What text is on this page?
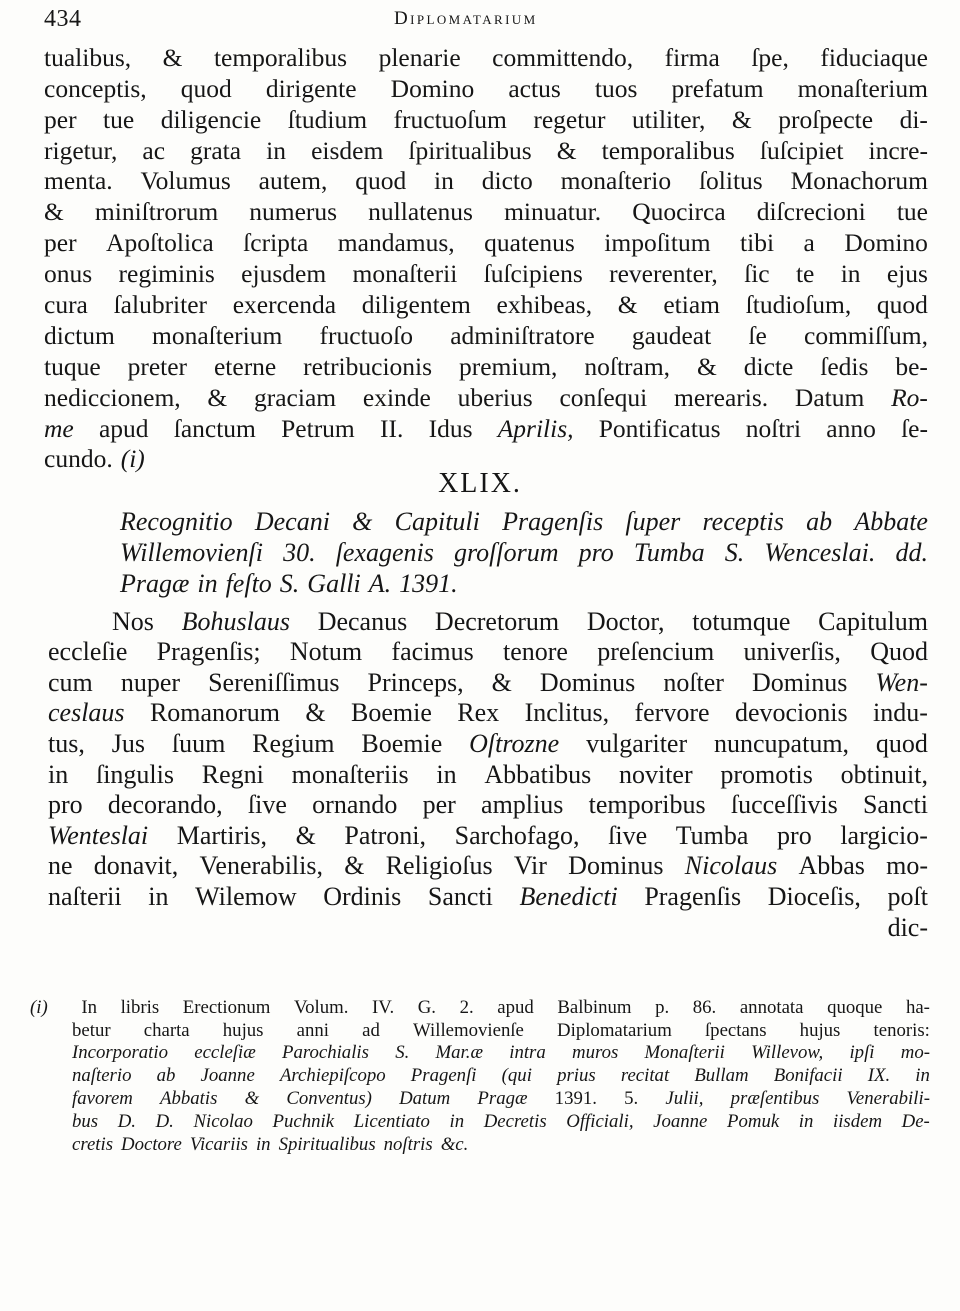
434	Diplomatarium
tualibus, & temporalibus plenarie committendo, firma ſpe, fiduciaque
conceptis, quod dirigente Domino actus tuos prefatum monaſterium
per tue diligencie ſtudium fructuoſum regetur utiliter, & proſpecte di-
rigetur, ac grata in eisdem ſpiritualibus & temporalibus ſuſcipiet incre-
menta. Volumus autem, quod in dicto monaſterio ſolitus Monachorum
& miniſtrorum numerus nullatenus minuatur. Quocirca diſcrecioni tue
per Apoſtolica ſcripta mandamus, quatenus impoſitum tibi a Domino
onus regiminis ejusdem monaſterii ſuſcipiens reverenter, ſic te in ejus
cura ſalubriter exercenda diligentem exhibeas, & etiam ſtudioſum, quod
dictum monaſterium fructuoſo adminiſtratore gaudeat ſe commiſſum,
tuque preter eterne retribucionis premium, noſtram, & dicte ſedis be-
nediccionem, & graciam exinde uberius conſequi merearis. Datum Ro-
me apud ſanctum Petrum II. Idus Aprilis, Pontificatus noſtri anno ſe-
cundo. (i)
XLIX.
Recognitio Decani & Capituli Pragenſis ſuper receptis ab Abbate
Willemovienſi 30. ſexagenis groſſorum pro Tumba S. Wenceslai. dd.
Pragæ in feſto S. Galli A. 1391.
Nos Bohuslaus Decanus Decretorum Doctor, totumque Capitulum
eccleſie Pragenſis; Notum facimus tenore preſencium univerſis, Quod
cum nuper Sereniſſimus Princeps, & Dominus noſter Dominus Wen-
ceslaus Romanorum & Boemie Rex Inclitus, fervore devocionis indu-
tus, Jus ſuum Regium Boemie Oſtrozne vulgariter nuncupatum, quod
in ſingulis Regni monaſteriis in Abbatibus noviter promotis obtinuit,
pro decorando, ſive ornando per amplius temporibus ſucceſſivis Sancti
Wenteslai Martiris, & Patroni, Sarchofago, ſive Tumba pro largicio-
ne donavit, Venerabilis, & Religioſus Vir Dominus Nicolaus Abbas mo-
naſterii in Wilemow Ordinis Sancti Benedicti Pragenſis Dioceſis, poſt
dic-
(i) In libris Erectionum Volum. IV. G. 2. apud Balbinum p. 86. annotata quoque ha-
betur charta hujus anni ad Willemovienſe Diplomatarium ſpectans hujus tenoris:
Incorporatio eccleſiæ Parochialis S. Mar.æ intra muros Monaſterii Willevow, ipſi mo-
naſterio ab Joanne Archiepiſcopo Pragenſi (qui prius recitat Bullam Bonifacii IX. in
favorem Abbatis & Conventus) Datum Pragæ 1391. 5. Julii, præſentibus Venerabili-
bus D. D. Nicolao Puchnik Licentiato in Decretis Officiali, Joanne Pomuk in iisdem De-
cretis Doctore Vicariis in Spiritualibus noſtris &c.
